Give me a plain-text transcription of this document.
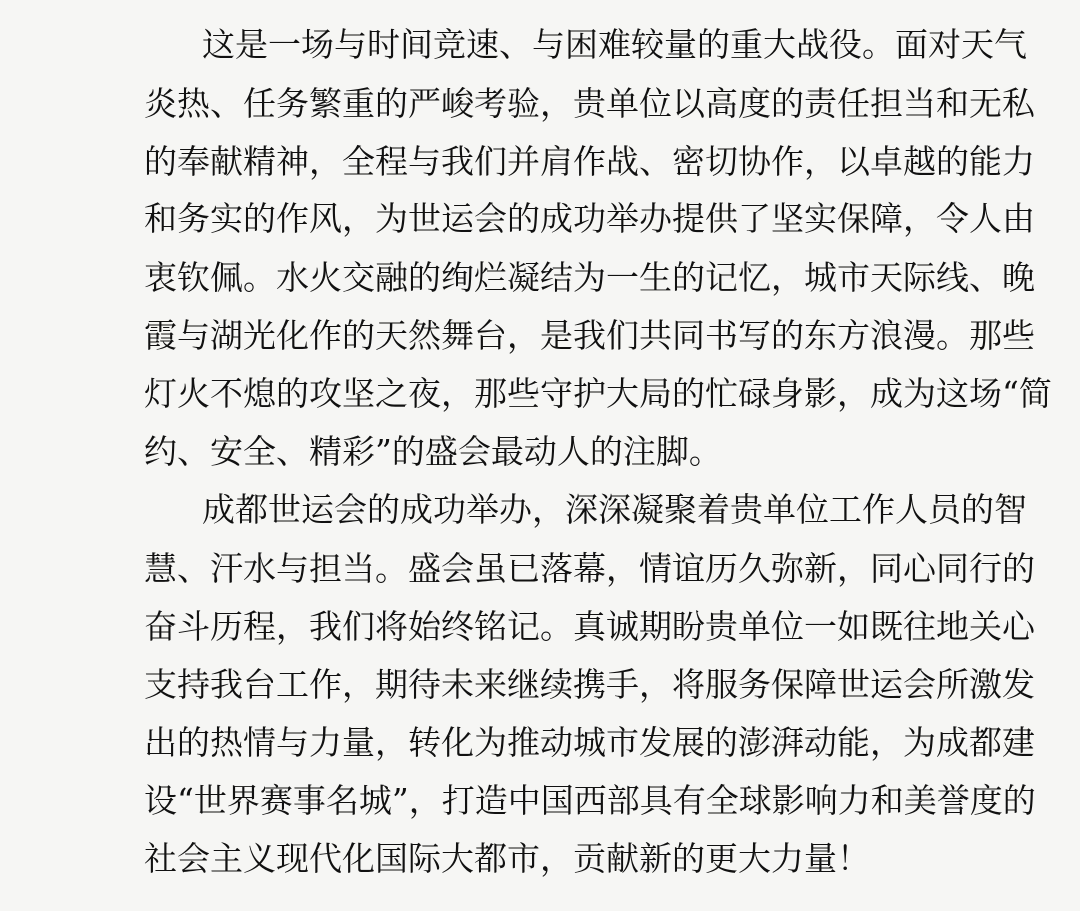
这是一场与时间竞速、与困难较量的重大战役。面对天气
炎热、任务繁重的严峻考验，贵单位以高度的责任担当和无私
的奉献精神，全程与我们并肩作战、密切协作，以卓越的能力
和务实的作风，为世运会的成功举办提供了坚实保障，令人由
衷钦佩。水火交融的绚烂凝结为一生的记忆，城市天际线、晚
霞与湖光化作的天然舞台，是我们共同书写的东方浪漫。那些
灯火不熄的攻坚之夜，那些守护大局的忙碌身影，成为这场“简
约、安全、精彩”的盛会最动人的注脚。
成都世运会的成功举办，深深凝聚着贵单位工作人员的智
慧、汗水与担当。盛会虽已落幕，情谊历久弥新，同心同行的
奋斗历程，我们将始终铭记。真诚期盼贵单位一如既往地关心
支持我台工作，期待未来继续携手，将服务保障世运会所激发
出的热情与力量，转化为推动城市发展的澎湃动能，为成都建
设“世界赛事名城”，打造中国西部具有全球影响力和美誉度的
社会主义现代化国际大都市，贡献新的更大力量！
